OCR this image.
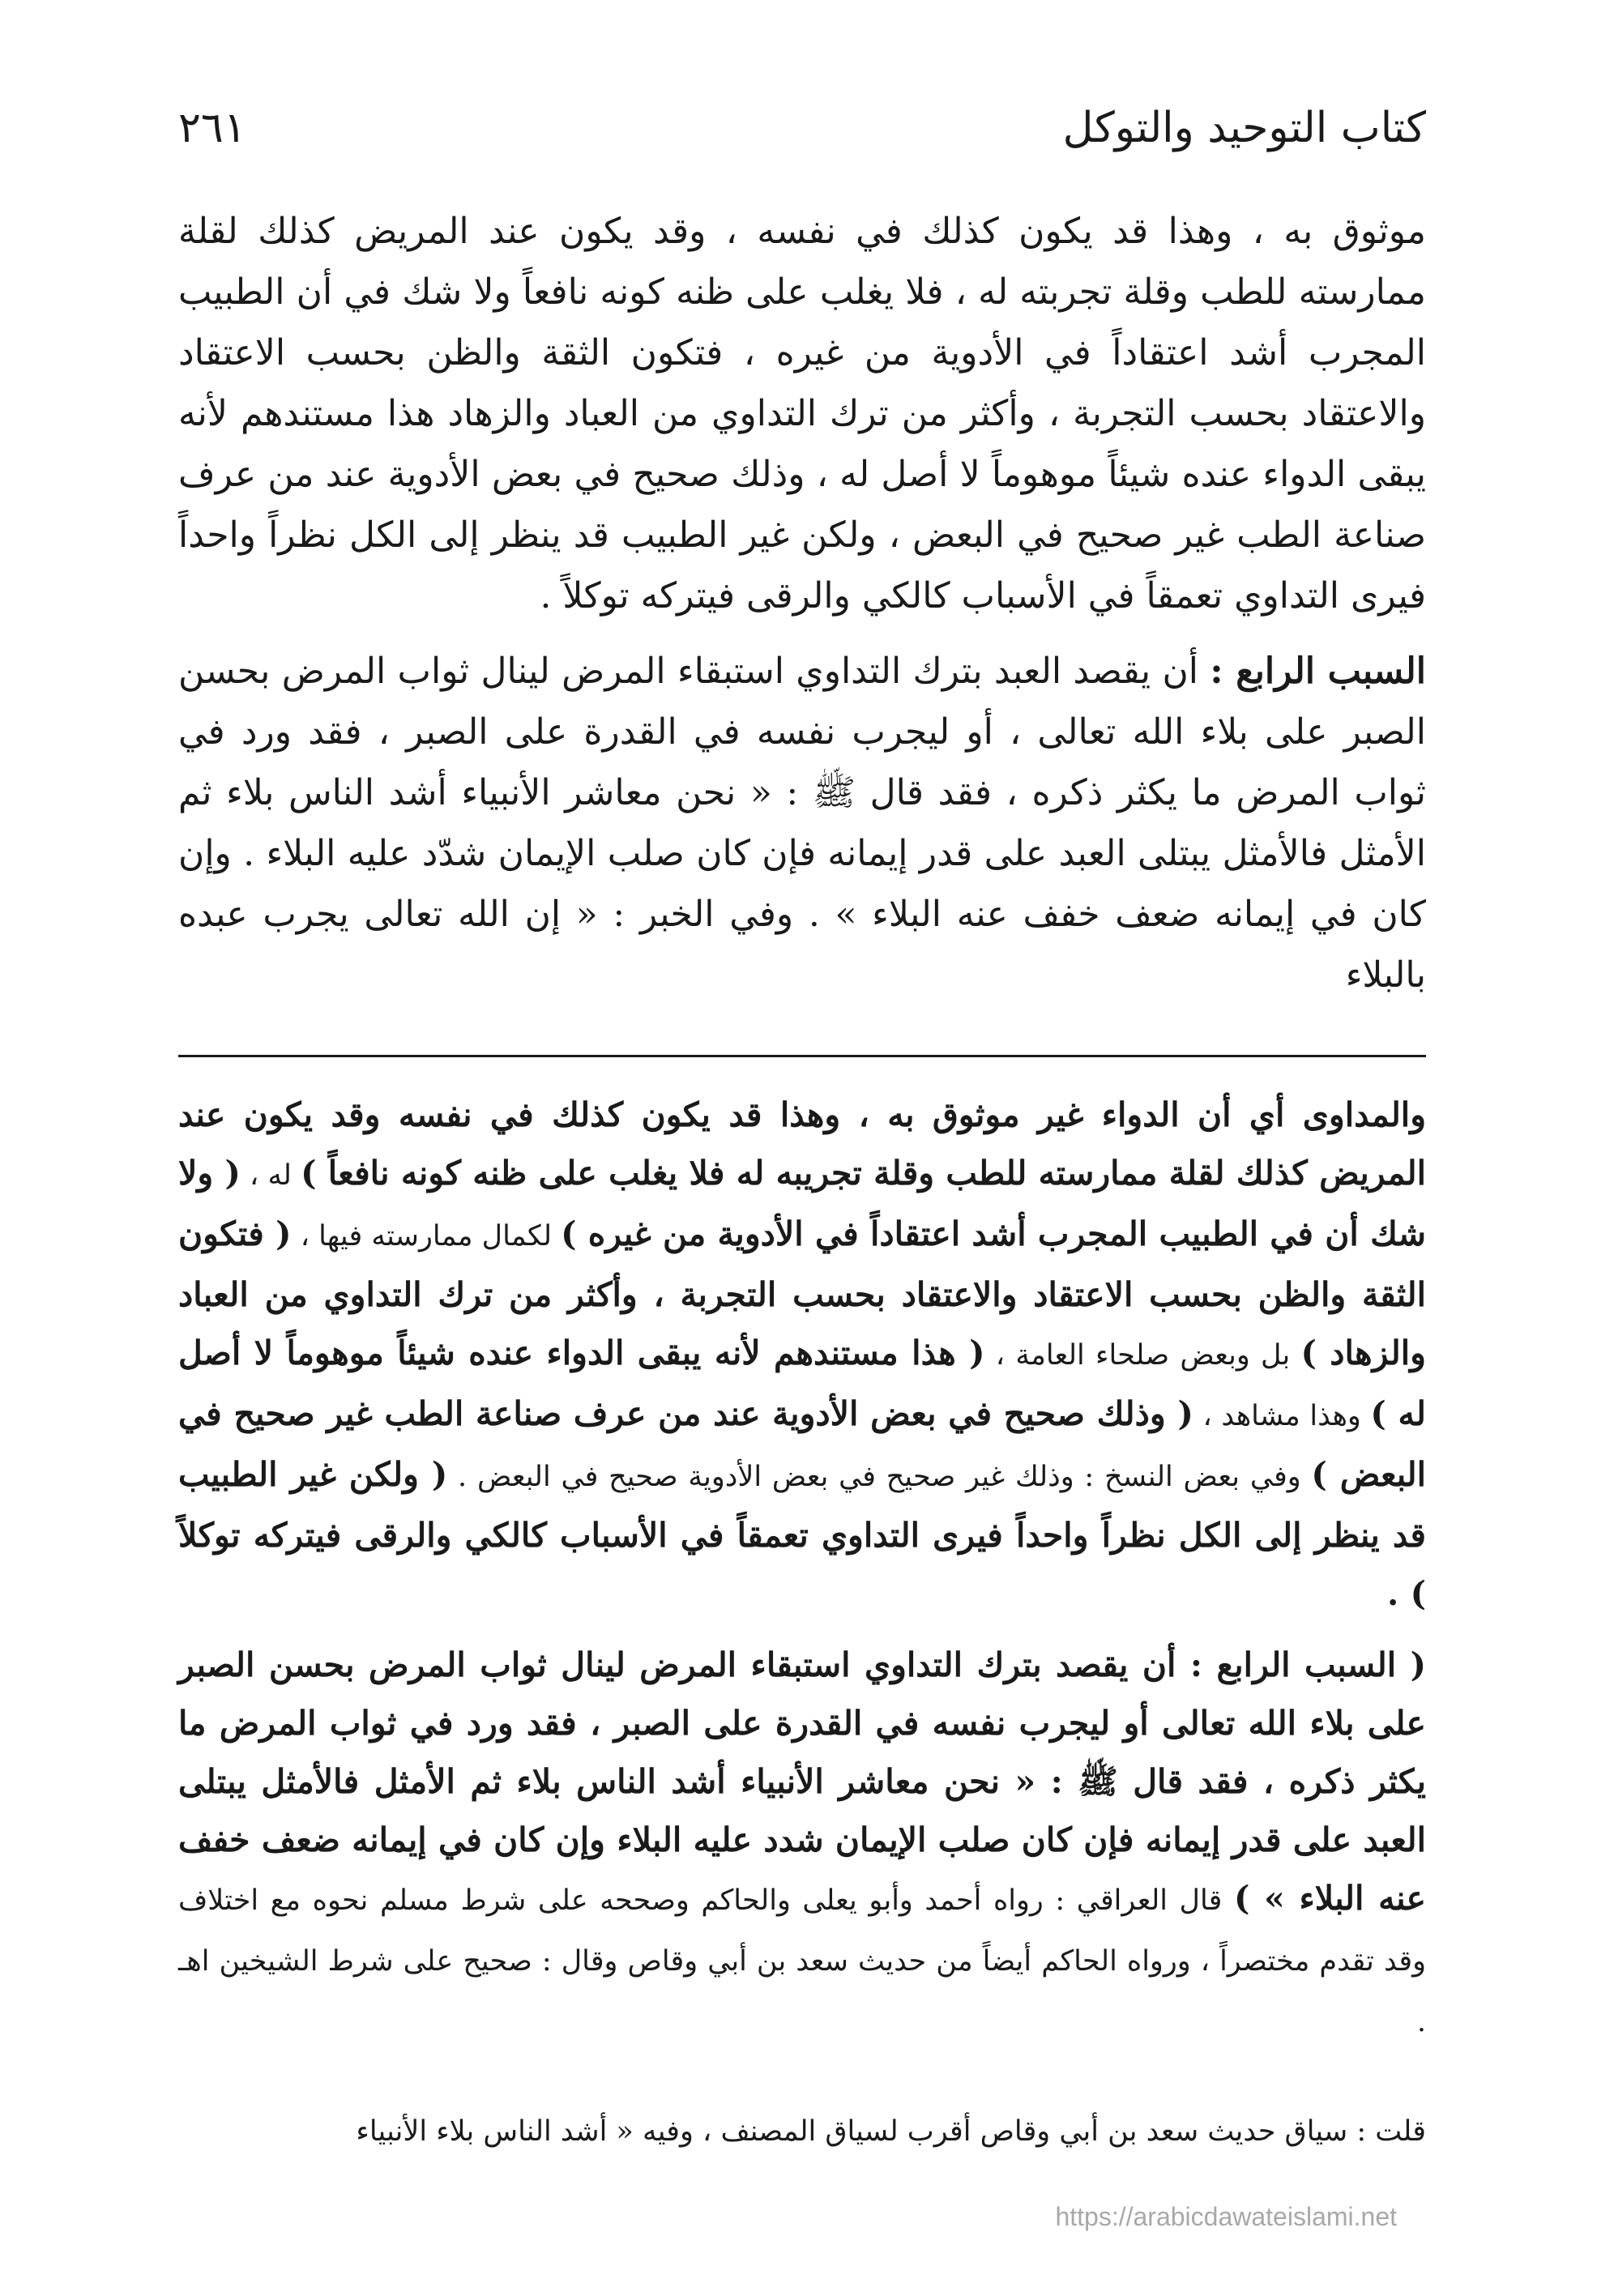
كتاب التوحيد والتوكل
٢٦١

موثوق به ، وهذا قد يكون كذلك في نفسه ، وقد يكون عند المريض كذلك لقلة ممارسته للطب وقلة تجربته له ، فلا يغلب على ظنه كونه نافعاً ولا شك في أن الطبيب المجرب أشد اعتقاداً في الأدوية من غيره ، فتكون الثقة والظن بحسب الاعتقاد والاعتقاد بحسب التجربة ، وأكثر من ترك التداوي من العباد والزهاد هذا مستندهم لأنه يبقى الدواء عنده شيئاً موهوماً لا أصل له ، وذلك صحيح في بعض الأدوية عند من عرف صناعة الطب غير صحيح في البعض ، ولكن غير الطبيب قد ينظر إلى الكل نظراً واحداً فيرى التداوي تعمقاً في الأسباب كالكي والرقى فيتركه توكلاً .

السبب الرابع : أن يقصد العبد بترك التداوي استبقاء المرض لينال ثواب المرض بحسن الصبر على بلاء الله تعالى ، أو ليجرب نفسه في القدرة على الصبر ، فقد ورد في ثواب المرض ما يكثر ذكره ، فقد قال ﷺ : « نحن معاشر الأنبياء أشد الناس بلاء ثم الأمثل فالأمثل يبتلى العبد على قدر إيمانه فإن كان صلب الإيمان شدّد عليه البلاء . وإن كان في إيمانه ضعف خفف عنه البلاء » . وفي الخبر : « إن الله تعالى يجرب عبده بالبلاء

والمداوى أي أن الدواء غير موثوق به ، وهذا قد يكون كذلك في نفسه وقد يكون عند المريض كذلك لقلة ممارسته للطب وقلة تجريبه له فلا يغلب على ظنه كونه نافعاً ) له ، ( ولا شك أن في الطبيب المجرب أشد اعتقاداً في الأدوية من غيره ) لكمال ممارسته فيها ، ( فتكون الثقة والظن بحسب الاعتقاد والاعتقاد بحسب التجربة ، وأكثر من ترك التداوي من العباد والزهاد ) بل وبعض صلحاء العامة ، ( هذا مستندهم لأنه يبقى الدواء عنده شيئاً موهوماً لا أصل له ) وهذا مشاهد ، ( وذلك صحيح في بعض الأدوية عند من عرف صناعة الطب غير صحيح في البعض ) وفي بعض النسخ : وذلك غير صحيح في بعض الأدوية صحيح في البعض . ( ولكن غير الطبيب قد ينظر إلى الكل نظراً واحداً فيرى التداوي تعمقاً في الأسباب كالكي والرقى فيتركه توكلاً ) .

( السبب الرابع : أن يقصد بترك التداوي استبقاء المرض لينال ثواب المرض بحسن الصبر على بلاء الله تعالى أو ليجرب نفسه في القدرة على الصبر ، فقد ورد في ثواب المرض ما يكثر ذكره ، فقد قال ﷺ : « نحن معاشر الأنبياء أشد الناس بلاء ثم الأمثل فالأمثل يبتلى العبد على قدر إيمانه فإن كان صلب الإيمان شدد عليه البلاء وإن كان في إيمانه ضعف خفف عنه البلاء » ) قال العراقي : رواه أحمد وأبو يعلى والحاكم وصححه على شرط مسلم نحوه مع اختلاف وقد تقدم مختصراً ، ورواه الحاكم أيضاً من حديث سعد بن أبي وقاص وقال : صحيح على شرط الشيخين اهـ .

قلت : سياق حديث سعد بن أبي وقاص أقرب لسياق المصنف ، وفيه « أشد الناس بلاء الأنبياء
https://arabicdawateislami.net
